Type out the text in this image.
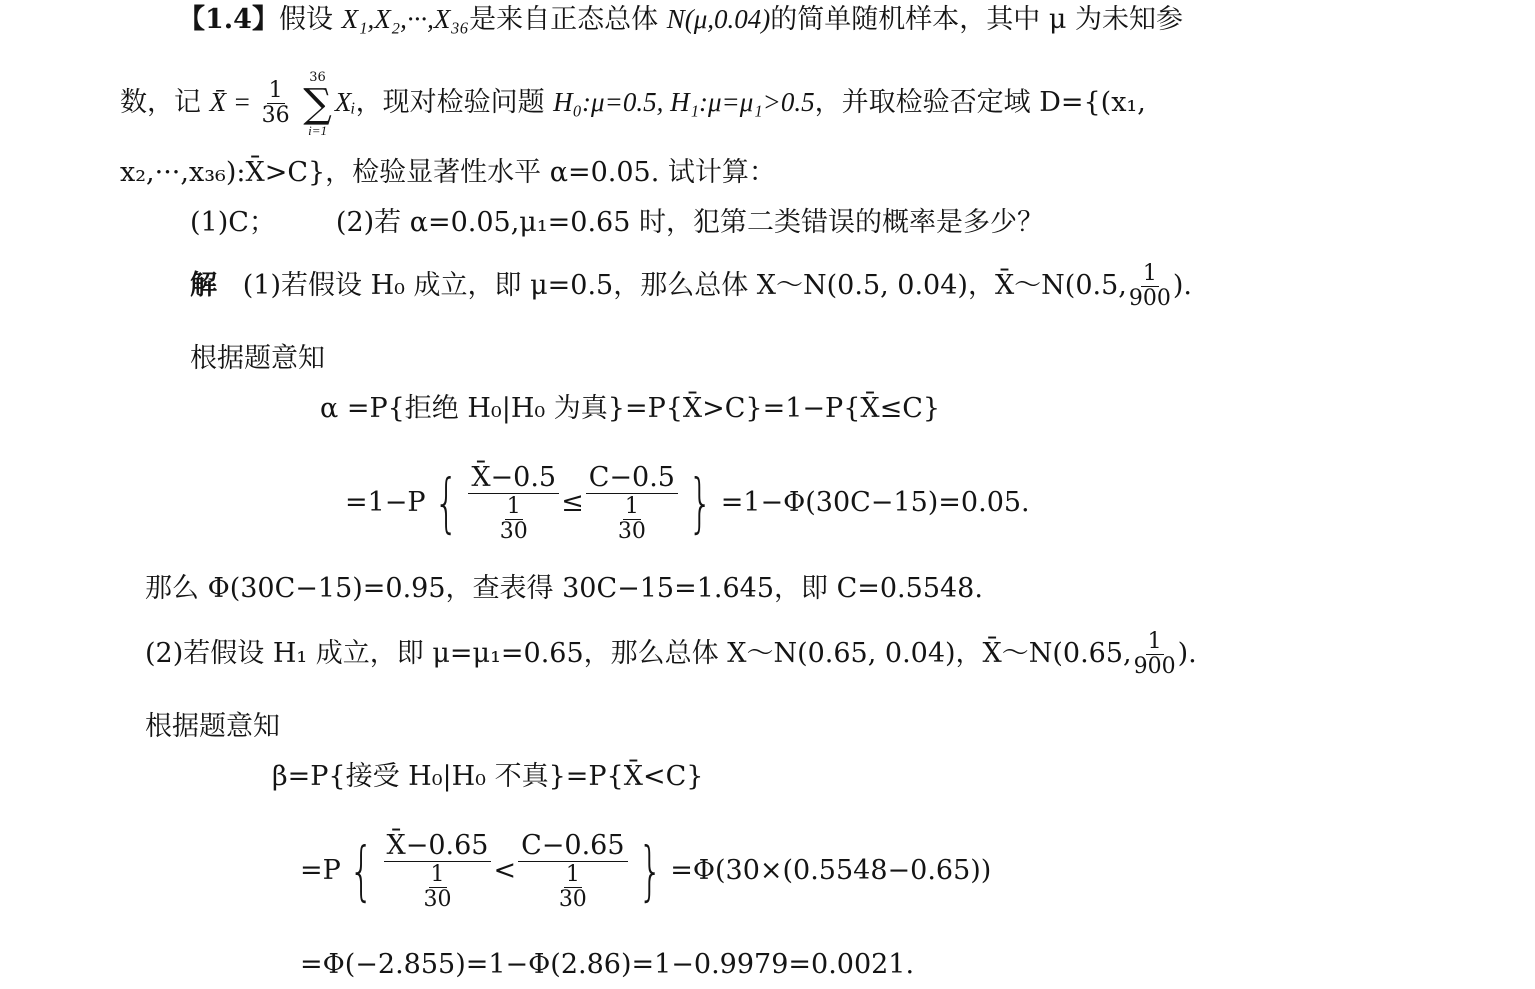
【1.4】假设 X₁,X₂,···,X₃₆是来自正态总体 N(μ,0.04)的简单随机样本，其中 μ 为未知参
数，记 X̄ = $\frac{1}{36}$

36
∑
i=1
Xᵢ，现对检验问题 H₀:μ=0.5, H₁:μ=μ₁>0.5，并取检验否定域 D={(x₁,
x₂,···,x₃₆):X̄>C}，检验显著性水平 α=0.05. 试计算：
(1)C； (2)若 α=0.05,μ₁=0.65 时，犯第二类错误的概率是多少？
解 (1)若假设 H₀ 成立，即 μ=0.5，那么总体 X～N(0.5, 0.04)，X̄～N(0.5, $\frac{1}{900}$ ).
根据题意知
α =P{拒绝 H₀|H₀ 为真}=P{X̄>C}=1−P{X̄≤C}
=1−P { $\frac{X̄-0.5}{\frac{1}{30}} \le \frac{C-0.5}{\frac{1}{30}}$ } =1−Φ(30C−15)=0.05.
那么 Φ(30C−15)=0.95，查表得 30C−15=1.645，即 C=0.5548.
(2)若假设 H₁ 成立，即 μ=μ₁=0.65，那么总体 X～N(0.65, 0.04)，X̄～N(0.65, $\frac{1}{900}$ ).
根据题意知
β=P{接受 H₀|H₀ 不真}=P{X̄<C}
=P { $\frac{X̄-0.65}{\frac{1}{30}} < \frac{C-0.65}{\frac{1}{30}}$ } =Φ(30×(0.5548−0.65))
=Φ(−2.855)=1−Φ(2.86)=1−0.9979=0.0021.
